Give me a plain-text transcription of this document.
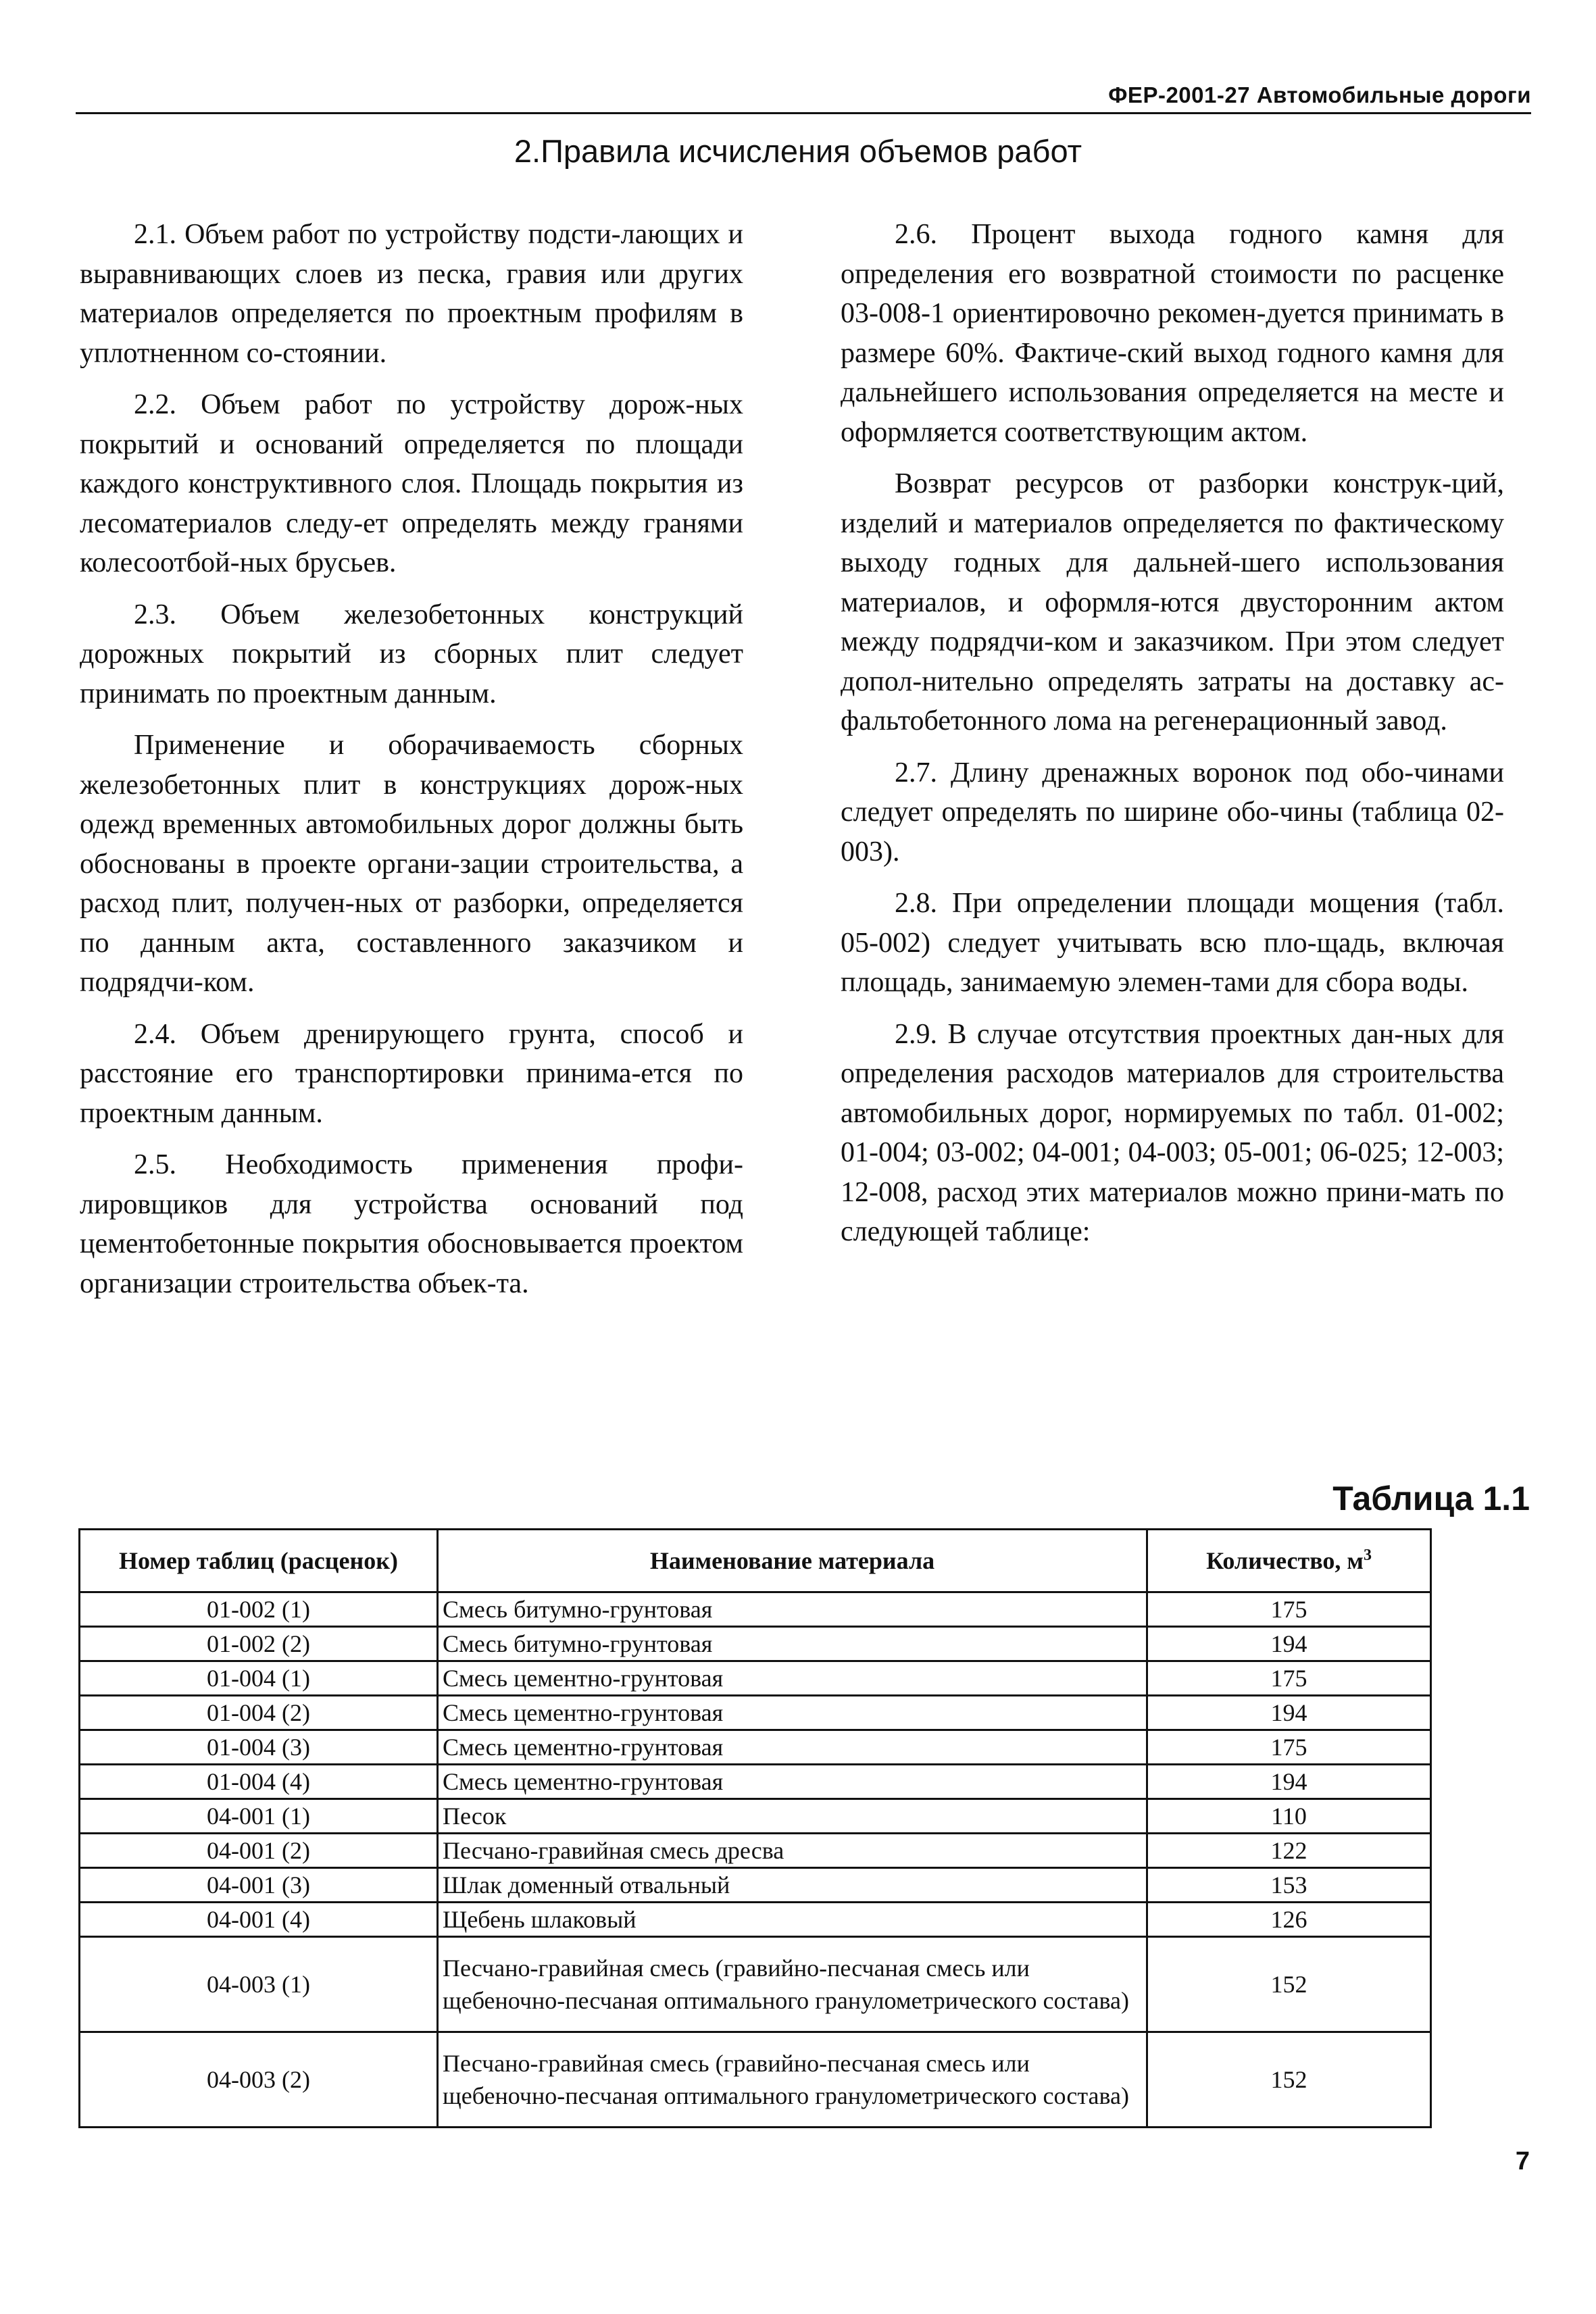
ФЕР-2001-27 Автомобильные дороги
2.Правила исчисления объемов работ

2.1. Объем работ по устройству подсти-лающих и выравнивающих слоев из песка, гравия или других материалов определяется по проектным профилям в уплотненном со-стоянии.

2.2. Объем работ по устройству дорож-ных покрытий и оснований определяется по площади каждого конструктивного слоя. Площадь покрытия из лесоматериалов следу-ет определять между гранями колесоотбой-ных брусьев.

2.3. Объем железобетонных конструкций дорожных покрытий из сборных плит следует принимать по проектным данным.

Применение и оборачиваемость сборных железобетонных плит в конструкциях дорож-ных одежд временных автомобильных дорог должны быть обоснованы в проекте органи-зации строительства, а расход плит, получен-ных от разборки, определяется по данным акта, составленного заказчиком и подрядчи-ком.

2.4. Объем дренирующего грунта, способ и расстояние его транспортировки принима-ется по проектным данным.

2.5. Необходимость применения профи-лировщиков для устройства оснований под цементобетонные покрытия обосновывается проектом организации строительства объек-та.

2.6. Процент выхода годного камня для определения его возвратной стоимости по расценке 03-008-1 ориентировочно рекомен-дуется принимать в размере 60%. Фактиче-ский выход годного камня для дальнейшего использования определяется на месте и оформляется соответствующим актом.

Возврат ресурсов от разборки конструк-ций, изделий и материалов определяется по фактическому выходу годных для дальней-шего использования материалов, и оформля-ются двусторонним актом между подрядчи-ком и заказчиком. При этом следует допол-нительно определять затраты на доставку ас-фальтобетонного лома на регенерационный завод.

2.7. Длину дренажных воронок под обо-чинами следует определять по ширине обо-чины (таблица 02-003).

2.8. При определении площади мощения (табл. 05-002) следует учитывать всю пло-щадь, включая площадь, занимаемую элемен-тами для сбора воды.

2.9. В случае отсутствия проектных дан-ных для определения расходов материалов для строительства автомобильных дорог, нормируемых по табл. 01-002; 01-004; 03-002; 04-001; 04-003; 05-001; 06-025; 12-003; 12-008, расход этих материалов можно прини-мать по следующей таблице:

Таблица 1.1
Номер таблиц (расценок)	Наименование материала	Количество, $м^3$
01-002 (1)	Смесь битумно-грунтовая	175
01-002 (2)	Смесь битумно-грунтовая	194
01-004 (1)	Смесь цементно-грунтовая	175
01-004 (2)	Смесь цементно-грунтовая	194
01-004 (3)	Смесь цементно-грунтовая	175
01-004 (4)	Смесь цементно-грунтовая	194
04-001 (1)	Песок	110
04-001 (2)	Песчано-гравийная смесь дресва	122
04-001 (3)	Шлак доменный отвальный	153
04-001 (4)	Щебень шлаковый	126
04-003 (1)	Песчано-гравийная смесь (гравийно-песчаная смесь или щебеночно-песчаная оптимального гранулометрического состава)	152
04-003 (2)	Песчано-гравийная смесь (гравийно-песчаная смесь или щебеночно-песчаная оптимального гранулометрического состава)	152
7
